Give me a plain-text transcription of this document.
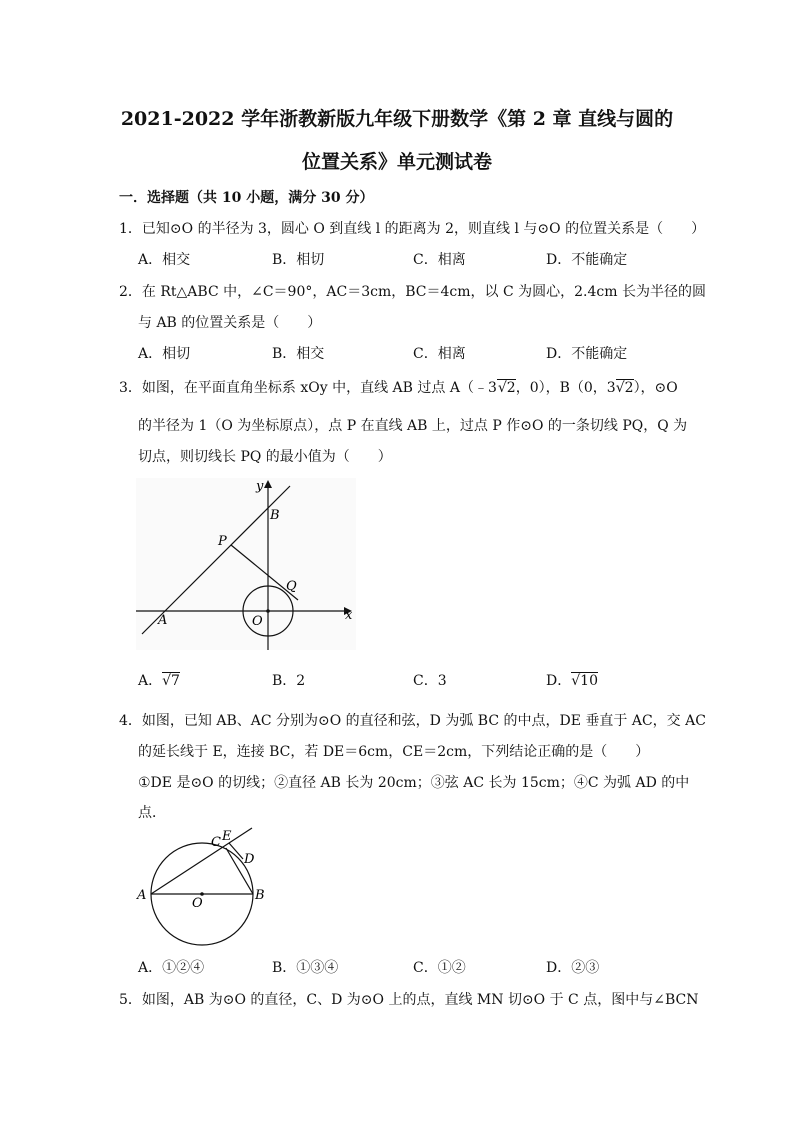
2021-2022 学年浙教新版九年级下册数学《第 2 章 直线与圆的
位置关系》单元测试卷
一．选择题（共 10 小题，满分 30 分）
1．已知⊙O 的半径为 3，圆心 O 到直线 l 的距离为 2，则直线 l 与⊙O 的位置关系是（　　）
A．相交	B．相切	C．相离	D．不能确定
2．在 Rt△ABC 中，∠C＝90°，AC＝3cm，BC＝4cm，以 C 为圆心，2.4cm 长为半径的圆
与 AB 的位置关系是（　　）
A．相切	B．相交	C．相离	D．不能确定
3．如图，在平面直角坐标系 xOy 中，直线 AB 过点 A（﹣3√2，0），B（0，3√2），⊙O
的半径为 1（O 为坐标原点），点 P 在直线 AB 上，过点 P 作⊙O 的一条切线 PQ，Q 为
切点，则切线长 PQ 的最小值为（　　）
y
x
B
P
Q
A	O
A．√7	B．2	C．3	D．√10
4．如图，已知 AB、AC 分别为⊙O 的直径和弦，D 为弧 BC 的中点，DE 垂直于 AC，交 AC
的延长线于 E，连接 BC，若 DE＝6cm，CE＝2cm，下列结论正确的是（　　）
①DE 是⊙O 的切线；②直径 AB 长为 20cm；③弦 AC 长为 15cm；④C 为弧 AD 的中
点．
C E
D
A
O
B
A．①②④	B．①③④	C．①②	D．②③
5．如图，AB 为⊙O 的直径，C、D 为⊙O 上的点，直线 MN 切⊙O 于 C 点，图中与∠BCN
